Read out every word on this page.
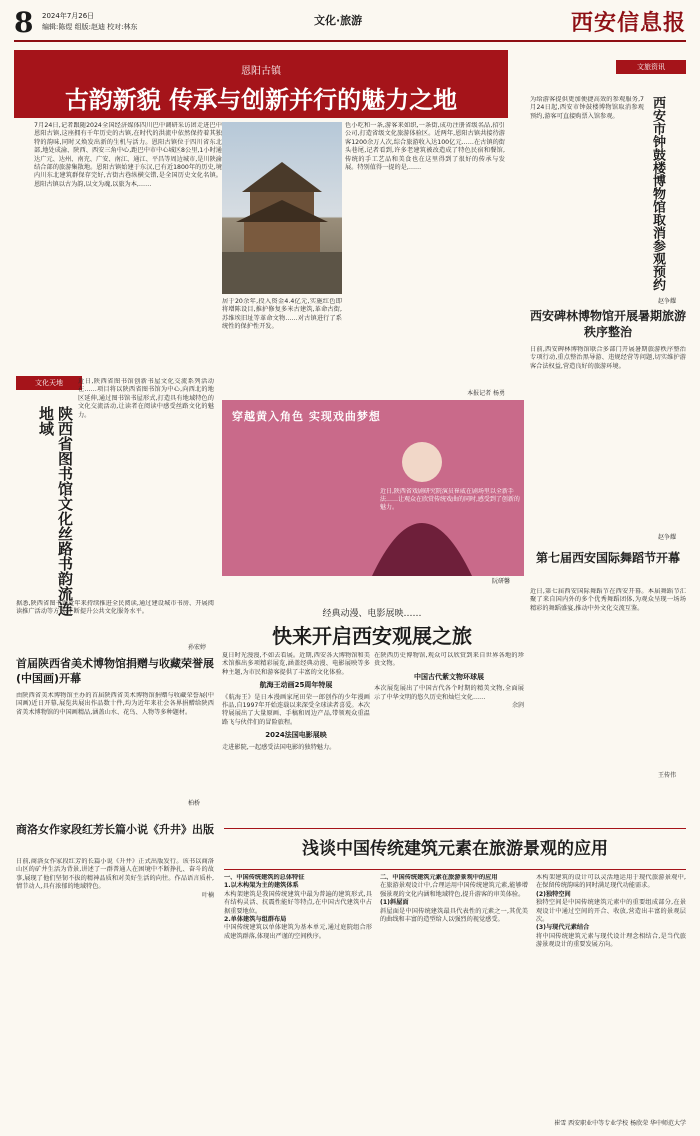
8 2024年7月26日
编辑:陈煜 组版:赵迪 校对:林东	文化·旅游	西安信息报
恩阳古镇
古韵新貌 传承与创新并行的魅力之地
7月24日,记者跟随2024全国经济媒体四川巴中调研采访团走进巴中恩阳古镇,这座拥有千年历史的古镇,在时代的洪流中依然保持着其独特的韵味,同时又焕发出新的生机与活力。恩阳古镇位于四川省东北部,地处成渝、陕西、西安三角中心,距巴中市中心城区8公里,1小时通达广元、达州、南充、广安、南江、通江、平昌等周边城市,是川陕渝结合部的旅游集散地。恩阳古镇始建于东汉,已有近1800年的历史,境内川东北建筑群保存完好,古街古巷纵横交错,是全国历史文化名镇。恩阳古镇以古为韵,以文为魂,以旅为本,……
居于20余年,投入资金4.4亿元,实施红色即将增陈设目,推护修复多米古建筑,革命古街,苏维埃旧址等革命文物……对古镇进行了系统性的保护性开发。
色小吃和一条,游客来如织,一条街,成功注册省级名品,招引公司,打造省级文化旅游体验区。近两年,恩阳古镇共接待游客1200余万人次,综合旅游收入达100亿元……在古镇的街头巷尾,记者看到,许多老建筑被改造成了特色民宿和餐馆,传统的手工艺品和美食也在这里得到了很好的传承与发展。特别值得一提的是,……
本报记者 杨勇
文化天地
陕西省图书馆文化丝路书韵流连地域
近日,陕西省图书馆创新书屋文化交流系列活动在……项目将以陕西省图书馆为中心,向西北的地区延伸,通过图书馆书屋形式,打造具有地域特色的文化交流活动,让读者在阅读中感受丝路文化的魅力。
据悉,陕西省图书馆近年来持续推进全民阅读,通过建设城市书房、开展阅读推广活动等方式,不断提升公共文化服务水平。
孙宏婷
首届陕西省美术博物馆捐赠与收藏荣誉展(中国画)开幕
由陕西省美术博物馆主办的首届陕西省美术博物馆捐赠与收藏荣誉展(中国画)近日开幕,展览共展出作品数十件,均为近年来社会各界捐赠给陕西省美术博物馆的中国画精品,涵盖山水、花鸟、人物等多种题材。
柏桥
商洛女作家段红芳长篇小说《升井》出版
日前,商洛女作家段红芳的长篇小说《升井》正式出版发行。该书以商洛山区的矿井生活为背景,讲述了一群普通人在困境中不断挣扎、奋斗的故事,展现了他们坚韧不拔的精神品质和对美好生活的向往。作品语言质朴,情节动人,具有浓郁的地域特色。
叶楠
穿越黄入角色 实现戏曲梦想
近日,陕西省戏剧研究院演员崔威在剧场里以全新手法……让观众在欣赏传统戏曲的同时,感受到了创新的魅力。
阮研馨
经典动漫、电影展映……
快来开启西安观展之旅
夏日时光漫漫,不如去看展。近期,西安各大博物馆和美术馆推出多项精彩展览,涵盖经典动漫、电影展映等多种主题,为市民和游客提供了丰富的文化体验。
航海王动画25周年特展
《航海王》是日本漫画家尾田荣一郎创作的少年漫画作品,自1997年开始连载以来深受全球读者喜爱。本次特展展出了大量原画、手稿和周边产品,带领观众重温路飞与伙伴们的冒险旅程。
2024法国电影展映
走进影院,一起感受法国电影的独特魅力。
在陕西历史博物馆,观众可以欣赏到来自世界各地的珍贵文物。
中国古代紫文物环球展
本次展览展出了中国古代各个时期的精美文物,全面展示了中华文明的悠久历史和灿烂文化……
余剀
文旅资讯
西安市钟鼓楼博物馆取消参观预约
为给游客提供更加便捷高效的参观服务,7月24日起,西安市钟鼓楼博物馆取消参观预约,游客可直接购票入馆参观。
赵争耀
西安碑林博物馆开展暑期旅游秩序整治
日前,西安碑林博物馆联合多部门开展暑期旅游秩序整治专项行动,重点整治黑导游、违规经营等问题,切实维护游客合法权益,营造良好的旅游环境。
赵争耀
第七届西安国际舞蹈节开幕
近日,第七届西安国际舞蹈节在西安开幕。本届舞蹈节汇聚了来自国内外的多个优秀舞蹈团体,为观众呈现一场场精彩的舞蹈盛宴,推动中外文化交流互鉴。
王传伟
浅谈中国传统建筑元素在旅游景观的应用
一、中国传统建筑的总体特征
1.以木构架为主的建筑体系
木构架建筑是我国传统建筑中最为普遍的建筑形式,具有结构灵活、抗震性能好等特点,在中国古代建筑中占据重要地位。
2.单体建筑与组群布局
中国传统建筑以单体建筑为基本单元,通过庭院组合形成建筑群落,体现出严谨的空间秩序。
二、中国传统建筑元素在旅游景观中的应用
在旅游景观设计中,合理运用中国传统建筑元素,能够增强景观的文化内涵和地域特色,提升游客的审美体验。
(1)斜屋面
斜屋面是中国传统建筑最具代表性的元素之一,其优美的曲线和丰富的造型给人以强烈的视觉感受。
木构架建筑的设计可以灵活地运用于现代旅游景观中,在保留传统韵味的同时满足现代功能需求。
(2)独特空间
独特空间是中国传统建筑元素中的重要组成部分,在景观设计中通过空间的开合、收放,营造出丰富的景观层次。
(3)与现代元素结合
将中国传统建筑元素与现代设计理念相结合,是当代旅游景观设计的重要发展方向。
崔雪 西安职业中等专业学校 杨欣荣 华中师范大学
